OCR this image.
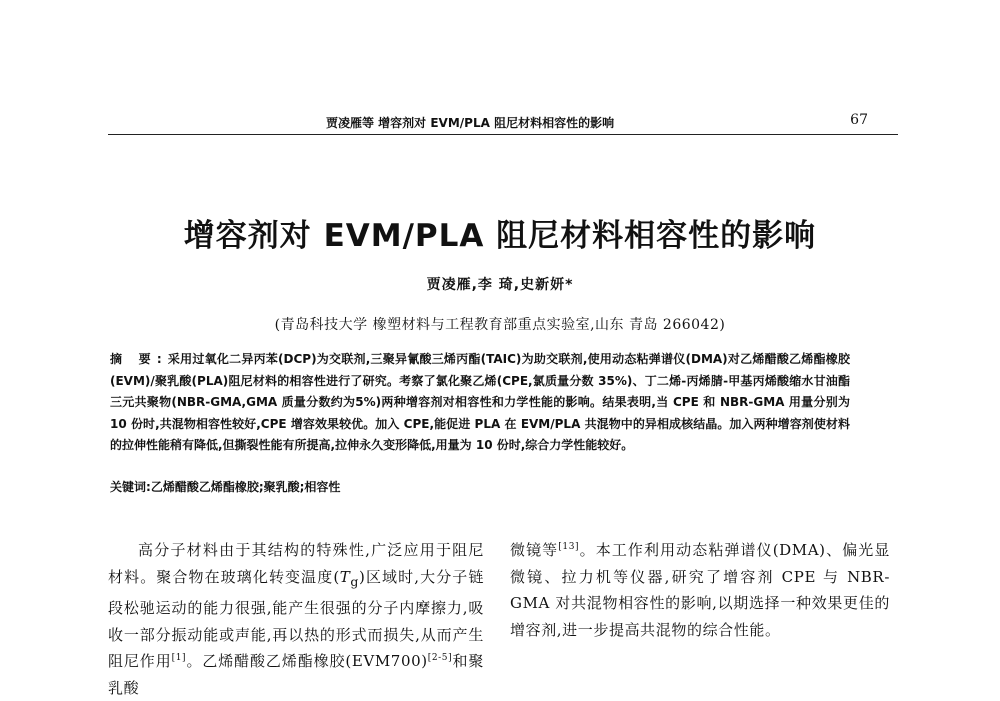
贾凌雁等 增容剂对 EVM/PLA 阻尼材料相容性的影响	67
增容剂对 EVM/PLA 阻尼材料相容性的影响
贾凌雁,李 琦,史新妍*
(青岛科技大学 橡塑材料与工程教育部重点实验室,山东 青岛 266042)
摘 要:采用过氧化二异丙苯(DCP)为交联剂,三聚异氰酸三烯丙酯(TAIC)为助交联剂,使用动态粘弹谱仪(DMA)对乙烯醋酸乙烯酯橡胶(EVM)/聚乳酸(PLA)阻尼材料的相容性进行了研究。考察了氯化聚乙烯(CPE,氯质量分数 35%)、丁二烯-丙烯腈-甲基丙烯酸缩水甘油酯三元共聚物(NBR-GMA,GMA 质量分数约为5%)两种增容剂对相容性和力学性能的影响。结果表明,当 CPE 和 NBR-GMA 用量分别为 10 份时,共混物相容性较好,CPE 增容效果较优。加入 CPE,能促进 PLA 在 EVM/PLA 共混物中的异相成核结晶。加入两种增容剂使材料的拉伸性能稍有降低,但撕裂性能有所提高,拉伸永久变形降低,用量为 10 份时,综合力学性能较好。
关键词:乙烯醋酸乙烯酯橡胶;聚乳酸;相容性

高分子材料由于其结构的特殊性,广泛应用于阻尼材料。聚合物在玻璃化转变温度$(T_g)$区域时,大分子链段松驰运动的能力很强,能产生很强的分子内摩擦力,吸收一部分振动能或声能,再以热的形式而损失,从而产生阻尼作用[1]。乙烯醋酸乙烯酯橡胶(EVM700)[2-5]和聚乳酸

微镜等[13]。本工作利用动态粘弹谱仪(DMA)、偏光显微镜、拉力机等仪器,研究了增容剂 CPE 与 NBR-GMA 对共混物相容性的影响,以期选择一种效果更佳的增容剂,进一步提高共混物的综合性能。
